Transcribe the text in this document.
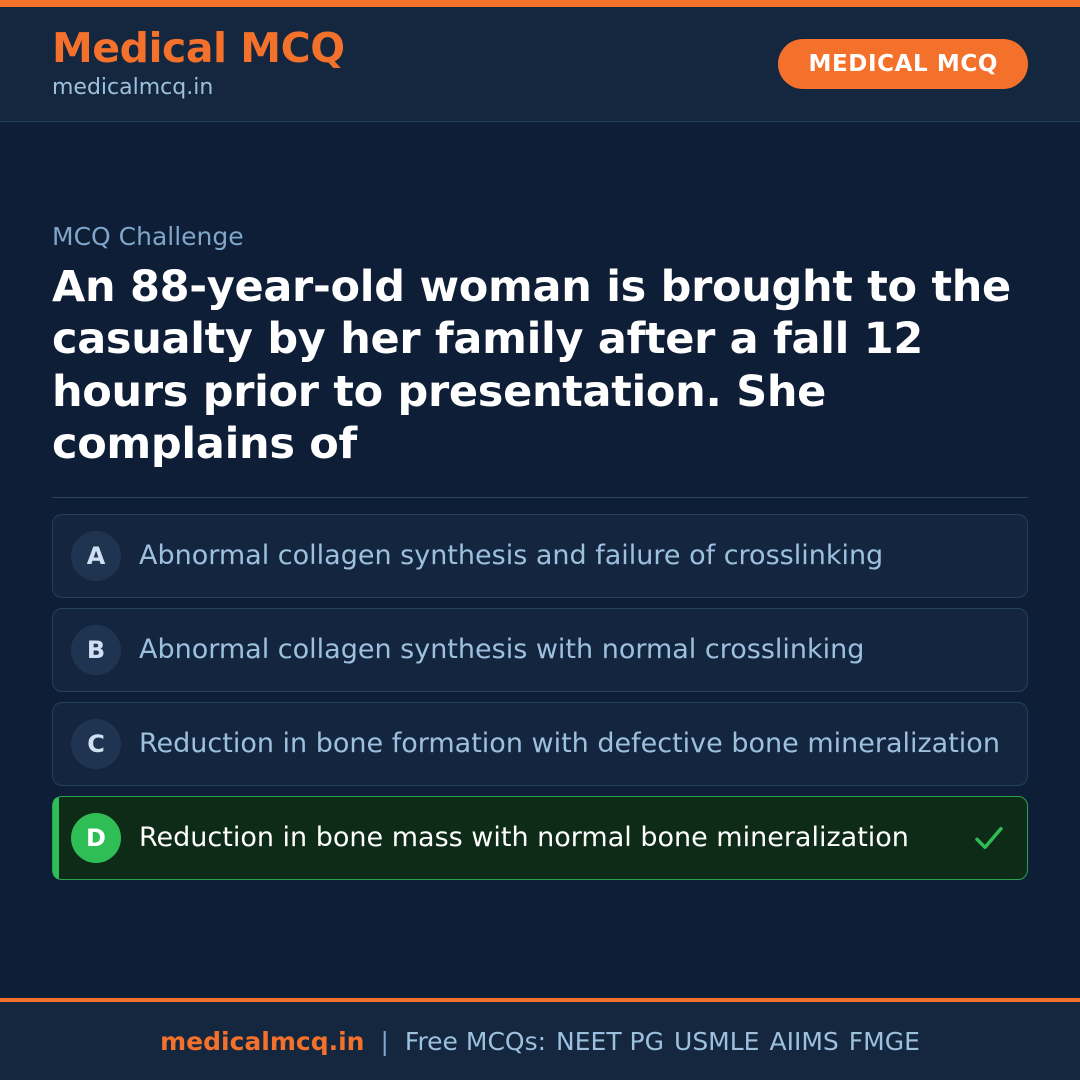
Medical MCQ
medicalmcq.in
MEDICAL MCQ
MCQ Challenge
An 88-year-old woman is brought to the casualty by her family after a fall 12 hours prior to presentation. She complains of
A	Abnormal collagen synthesis and failure of crosslinking
B	Abnormal collagen synthesis with normal crosslinking
C	Reduction in bone formation with defective bone mineralization
D	Reduction in bone mass with normal bone mineralization
medicalmcq.in | Free MCQs: NEET PG USMLE AIIMS FMGE
